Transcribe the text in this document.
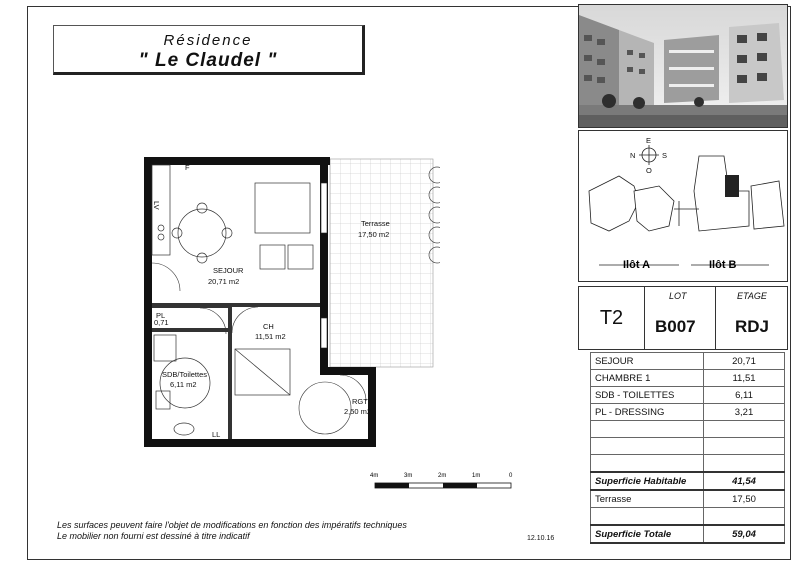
Résidence
" Le Claudel "
E
N	S
O
Ilôt A	Ilôt B
T2
LOT
B007
ETAGE
RDJ
SEJOUR	20,71
CHAMBRE 1	11,51
SDB - TOILETTES	6,11
PL - DRESSING	3,21

Superficie Habitable	41,54
Terrasse	17,50

Superficie Totale	59,04
F
LV
LL
Terrasse
17,50 m2
SEJOUR
20,71 m2
CH
11,51 m2
SDB/Toilettes
6,11 m2
RGT
2,50 m2
PL
0,71
4m	3m	2m	1m	0
Les surfaces peuvent faire l'objet de modifications en fonction des impératifs techniques
Le mobilier non fourni est dessiné à titre indicatif	12.10.16
